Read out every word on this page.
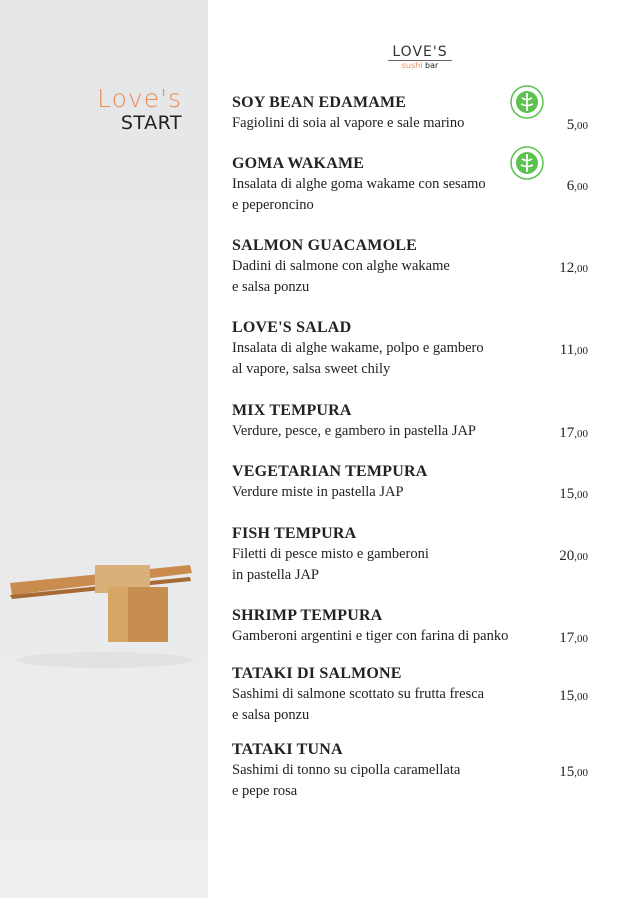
Love's
START
LOVE'S
sushi bar
SOY BEAN EDAMAME
Fagiolini di soia al vapore e sale marino	5,00
GOMA WAKAME
Insalata di alghe goma wakame con sesamo
e peperoncino
6,00
SALMON GUACAMOLE
Dadini di salmone con alghe wakame
e salsa ponzu
12,00
LOVE'S SALAD
Insalata di alghe wakame, polpo e gambero
al vapore, salsa sweet chily
11,00
MIX TEMPURA
Verdure, pesce, e gambero in pastella JAP	17,00
VEGETARIAN TEMPURA
Verdure miste in pastella JAP	15,00
FISH TEMPURA
Filetti di pesce misto e gamberoni
in pastella JAP
20,00
SHRIMP TEMPURA
Gamberoni argentini e tiger con farina di panko	17,00
TATAKI DI SALMONE
Sashimi di salmone scottato su frutta fresca
e salsa ponzu
15,00
TATAKI TUNA
Sashimi di tonno su cipolla caramellata
e pepe rosa
15,00
